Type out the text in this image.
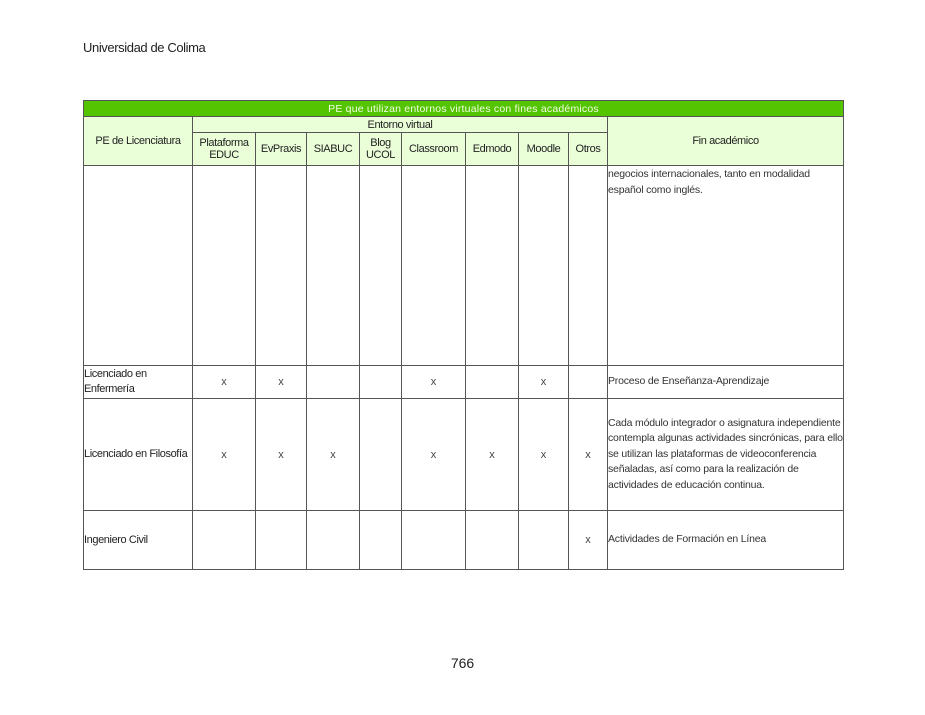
Universidad de Colima
PE que utilizan entornos virtuales con fines académicos									
PE de Licenciatura	Entorno virtual								Fin académico
	Plataforma EDUC	EvPraxis	SIABUC	Blog UCOL	Classroom	Edmodo	Moodle	Otros	
									negocios internacionales, tanto en modalidad español como inglés.
Licenciado en Enfermería	x	x			x		x		Proceso de Enseñanza-Aprendizaje
Licenciado en Filosofía	x	x	x		x	x	x	x	Cada módulo integrador o asignatura independiente contempla algunas actividades sincrónicas, para ello se utilizan las plataformas de videoconferencia señaladas, así como para la realización de actividades de educación continua.
Ingeniero Civil								x	Actividades de Formación en Línea
766
